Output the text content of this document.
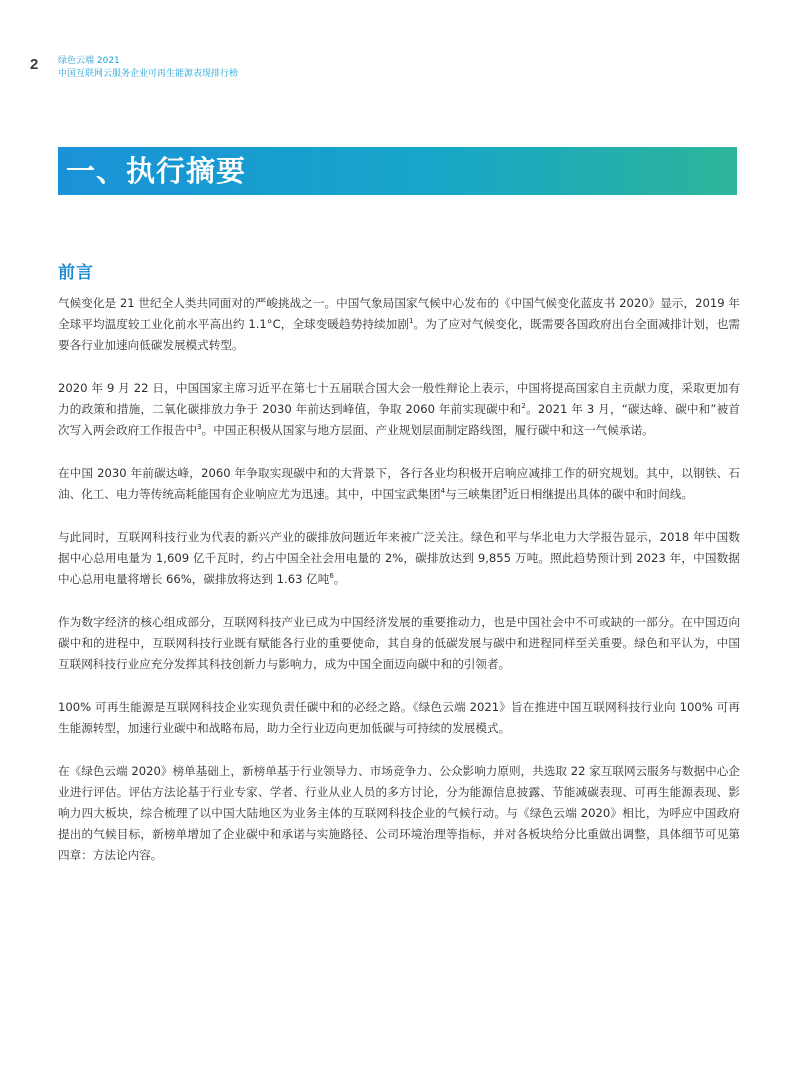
2 绿色云端 2021
中国互联网云服务企业可再生能源表现排行榜
一、执行摘要
前言

气候变化是 21 世纪全人类共同面对的严峻挑战之一。中国气象局国家气候中心发布的《中国气候变化蓝皮书 2020》显示，2019 年全球平均温度较工业化前水平高出约 1.1°C，全球变暖趋势持续加剧$^1$。为了应对气候变化，既需要各国政府出台全面减排计划，也需要各行业加速向低碳发展模式转型。

2020 年 9 月 22 日，中国国家主席习近平在第七十五届联合国大会一般性辩论上表示，中国将提高国家自主贡献力度，采取更加有力的政策和措施，二氧化碳排放力争于 2030 年前达到峰值，争取 2060 年前实现碳中和$^2$。2021 年 3 月，“碳达峰、碳中和”被首次写入两会政府工作报告中$^3$。中国正积极从国家与地方层面、产业规划层面制定路线图，履行碳中和这一气候承诺。

在中国 2030 年前碳达峰，2060 年争取实现碳中和的大背景下，各行各业均积极开启响应减排工作的研究规划。其中，以钢铁、石油、化工、电力等传统高耗能国有企业响应尤为迅速。其中，中国宝武集团$^4$与三峡集团$^5$近日相继提出具体的碳中和时间线。

与此同时，互联网科技行业为代表的新兴产业的碳排放问题近年来被广泛关注。绿色和平与华北电力大学报告显示，2018 年中国数据中心总用电量为 1,609 亿千瓦时，约占中国全社会用电量的 2%，碳排放达到 9,855 万吨。照此趋势预计到 2023 年，中国数据中心总用电量将增长 66%，碳排放将达到 1.63 亿吨$^6$。

作为数字经济的核心组成部分，互联网科技产业已成为中国经济发展的重要推动力，也是中国社会中不可或缺的一部分。在中国迈向碳中和的进程中，互联网科技行业既有赋能各行业的重要使命，其自身的低碳发展与碳中和进程同样至关重要。绿色和平认为，中国互联网科技行业应充分发挥其科技创新力与影响力，成为中国全面迈向碳中和的引领者。

100% 可再生能源是互联网科技企业实现负责任碳中和的必经之路。《绿色云端 2021》旨在推进中国互联网科技行业向 100% 可再生能源转型，加速行业碳中和战略布局，助力全行业迈向更加低碳与可持续的发展模式。

在《绿色云端 2020》榜单基础上，新榜单基于行业领导力、市场竞争力、公众影响力原则，共选取 22 家互联网云服务与数据中心企业进行评估。评估方法论基于行业专家、学者、行业从业人员的多方讨论，分为能源信息披露、节能减碳表现、可再生能源表现、影响力四大板块，综合梳理了以中国大陆地区为业务主体的互联网科技企业的气候行动。与《绿色云端 2020》相比，为呼应中国政府提出的气候目标，新榜单增加了企业碳中和承诺与实施路径、公司环境治理等指标，并对各板块给分比重做出调整，具体细节可见第四章：方法论内容。
